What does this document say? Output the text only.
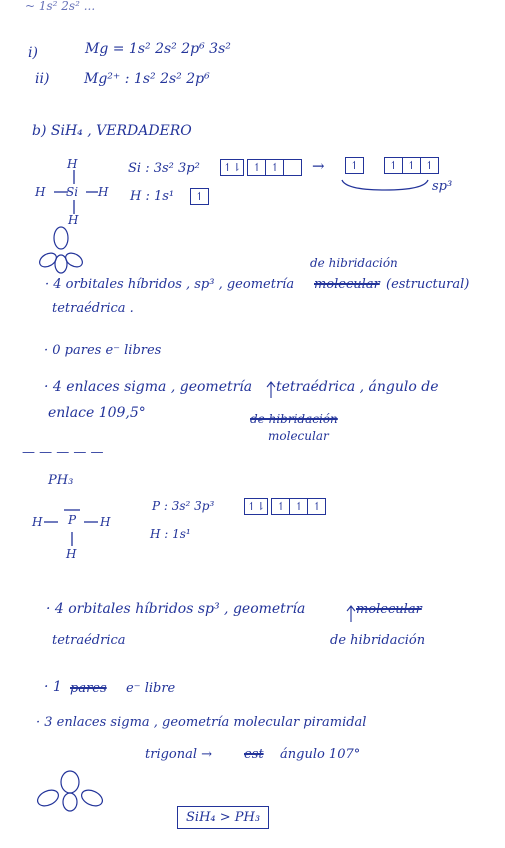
~ 1s² 2s² ...
i)	Mg = 1s² 2s² 2p⁶ 3s²
ii) Mg²⁺ : 1s² 2s² 2p⁶
b) SiH₄ , VERDADERO
H
H Si H
H
Si : 3s² 3p² ↿⇂ ↿ ↿	→	↿	↿ ↿ ↿
sp³
H : 1s¹	↿
de hibridación
· 4 orbitales híbridos , sp³ , geometría molecular (estructural)
tetraédrica .
· 0 pares e⁻ libres
· 4 enlaces sigma , geometría tetraédrica , ángulo de
enlace 109,5°	de hibridación
molecular
— — — — —
PH₃
H P H
H
P : 3s² 3p³	↿⇂ ↿ ↿ ↿
H : 1s¹
· 4 orbitales híbridos sp³ , geometría	molecular
tetraédrica	de hibridación
· 1 pares e⁻ libre
· 3 enlaces sigma , geometría molecular piramidal
trigonal → est ángulo 107°
SiH₄ > PH₃
